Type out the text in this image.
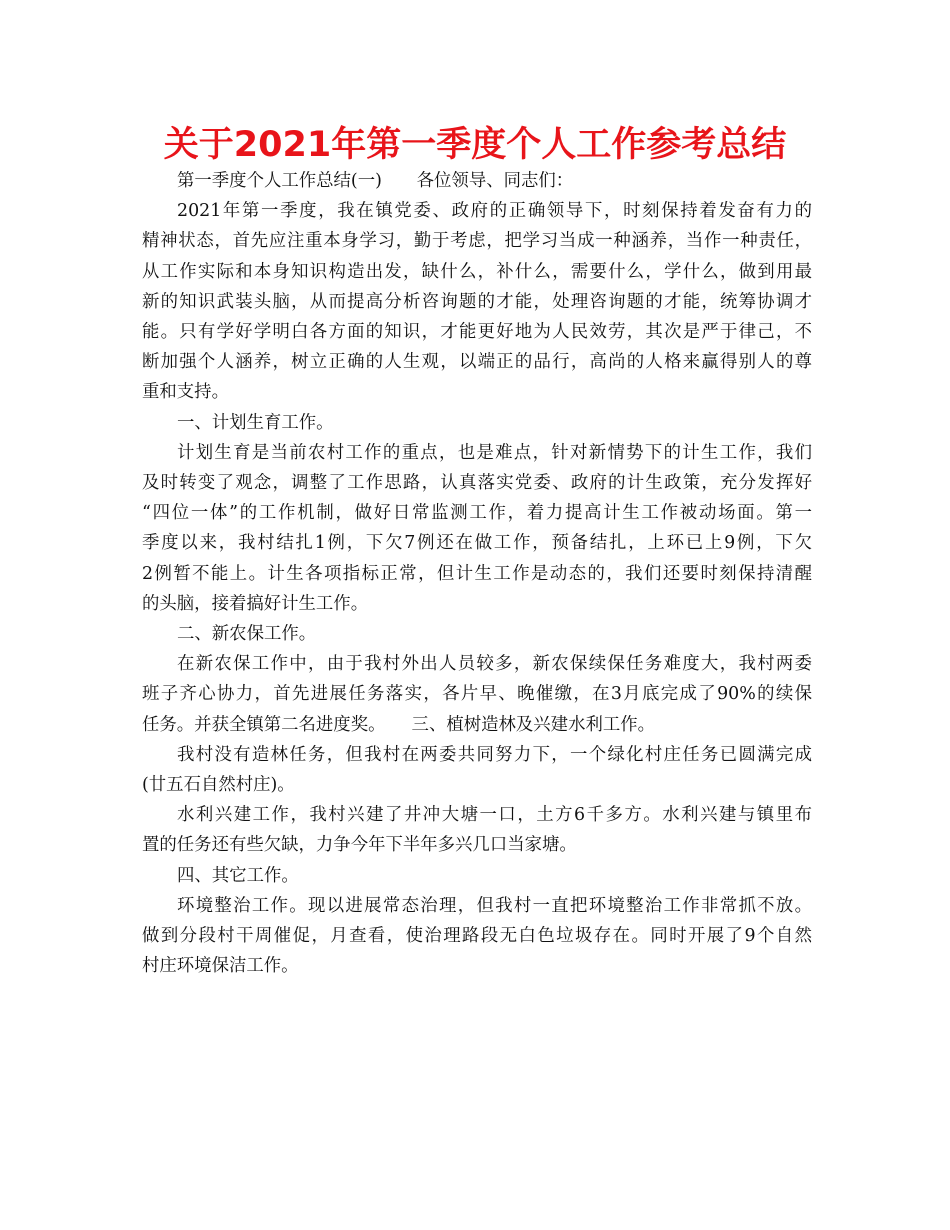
关于2021年第一季度个人工作参考总结
第一季度个人工作总结(一)　　各位领导、同志们：
2021年第一季度，我在镇党委、政府的正确领导下，时刻保持着发奋有力的
精神状态，首先应注重本身学习，勤于考虑，把学习当成一种涵养，当作一种责任，
从工作实际和本身知识构造出发，缺什么，补什么，需要什么，学什么，做到用最
新的知识武装头脑，从而提高分析咨询题的才能，处理咨询题的才能，统筹协调才
能。只有学好学明白各方面的知识，才能更好地为人民效劳，其次是严于律己，不
断加强个人涵养，树立正确的人生观，以端正的品行，高尚的人格来赢得别人的尊
重和支持。
一、计划生育工作。
计划生育是当前农村工作的重点，也是难点，针对新情势下的计生工作，我们
及时转变了观念，调整了工作思路，认真落实党委、政府的计生政策，充分发挥好
“四位一体”的工作机制，做好日常监测工作，着力提高计生工作被动场面。第一
季度以来，我村结扎1例，下欠7例还在做工作，预备结扎，上环已上9例，下欠
2例暂不能上。计生各项指标正常，但计生工作是动态的，我们还要时刻保持清醒
的头脑，接着搞好计生工作。
二、新农保工作。
在新农保工作中，由于我村外出人员较多，新农保续保任务难度大，我村两委
班子齐心协力，首先进展任务落实，各片早、晚催缴，在3月底完成了90%的续保
任务。并获全镇第二名进度奖。　　三、植树造林及兴建水利工作。
我村没有造林任务，但我村在两委共同努力下，一个绿化村庄任务已圆满完成
(廿五石自然村庄)。
水利兴建工作，我村兴建了井冲大塘一口，土方6千多方。水利兴建与镇里布
置的任务还有些欠缺，力争今年下半年多兴几口当家塘。
四、其它工作。
环境整治工作。现以进展常态治理，但我村一直把环境整治工作非常抓不放。
做到分段村干周催促，月查看，使治理路段无白色垃圾存在。同时开展了9个自然
村庄环境保洁工作。
